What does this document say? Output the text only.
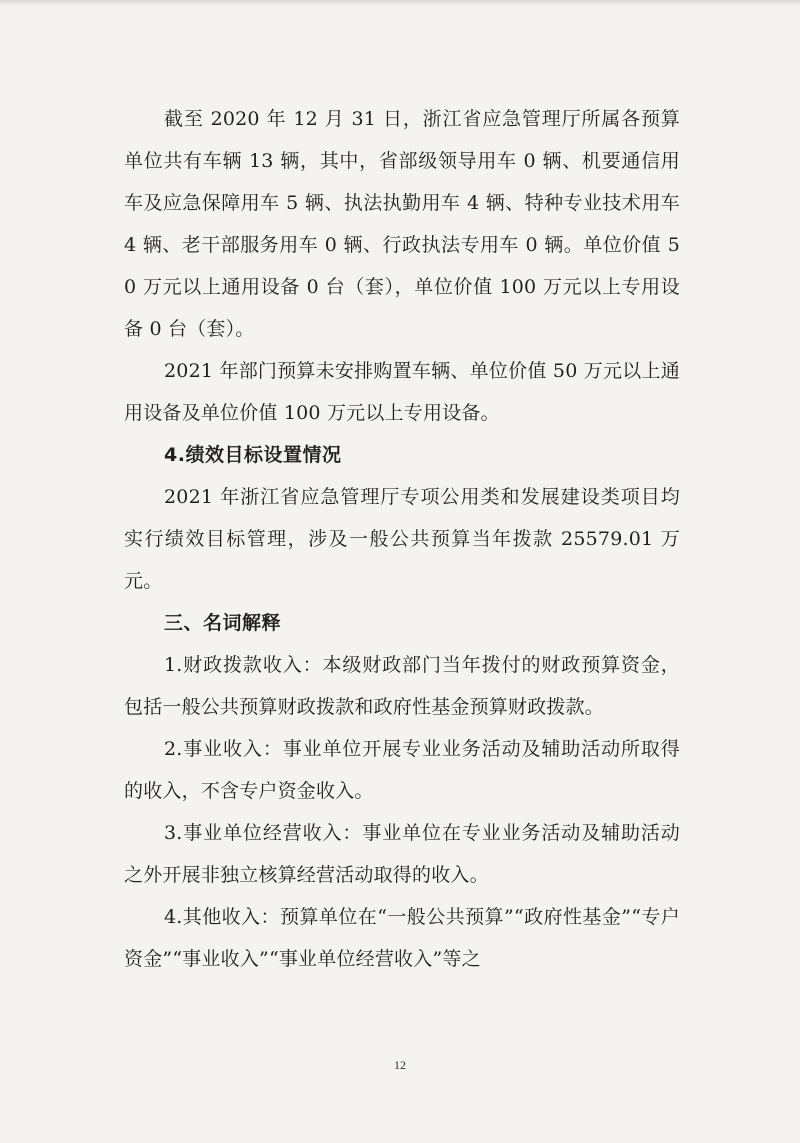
截至 2020 年 12 月 31 日，浙江省应急管理厅所属各预算单位共有车辆 13 辆，其中，省部级领导用车 0 辆、机要通信用车及应急保障用车 5 辆、执法执勤用车 4 辆、特种专业技术用车 4 辆、老干部服务用车 0 辆、行政执法专用车 0 辆。单位价值 50 万元以上通用设备 0 台（套），单位价值 100 万元以上专用设备 0 台（套）。

2021 年部门预算未安排购置车辆、单位价值 50 万元以上通用设备及单位价值 100 万元以上专用设备。

4.绩效目标设置情况

2021 年浙江省应急管理厅专项公用类和发展建设类项目均实行绩效目标管理，涉及一般公共预算当年拨款 25579.01 万元。

三、名词解释

1.财政拨款收入：本级财政部门当年拨付的财政预算资金，包括一般公共预算财政拨款和政府性基金预算财政拨款。

2.事业收入：事业单位开展专业业务活动及辅助活动所取得的收入，不含专户资金收入。

3.事业单位经营收入：事业单位在专业业务活动及辅助活动之外开展非独立核算经营活动取得的收入。

4.其他收入：预算单位在“一般公共预算”“政府性基金”“专户资金”“事业收入”“事业单位经营收入”等之

12
